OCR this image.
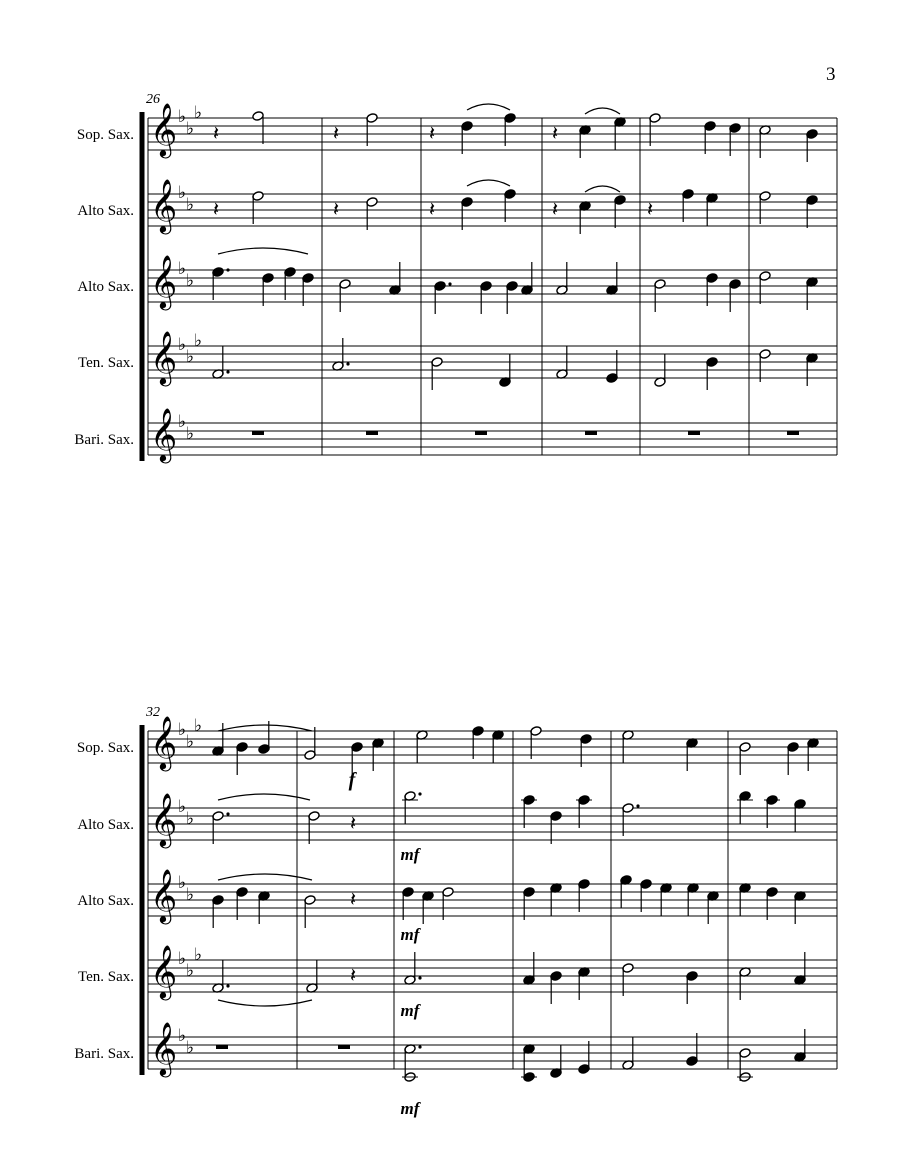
3
26
Sop. Sax. 𝄞 ♭
♭
♭
Alto Sax. 𝄞 ♭
♭
Alto Sax. 𝄞 ♭
♭
Ten. Sax. 𝄞 ♭
♭
♭
Bari. Sax. 𝄞 ♭
♭
𝄽	𝄽	𝄽	𝄽
𝄽	𝄽	𝄽	𝄽	𝄽
32
Sop. Sax. 𝄞 ♭
♭
♭
Alto Sax. 𝄞 ♭
♭
Alto Sax. 𝄞 ♭
♭
Ten. Sax. 𝄞 ♭
♭
♭
Bari. Sax. 𝄞 ♭
♭
f
mf
mf
mf
mf
𝄽
𝄽
𝄽
